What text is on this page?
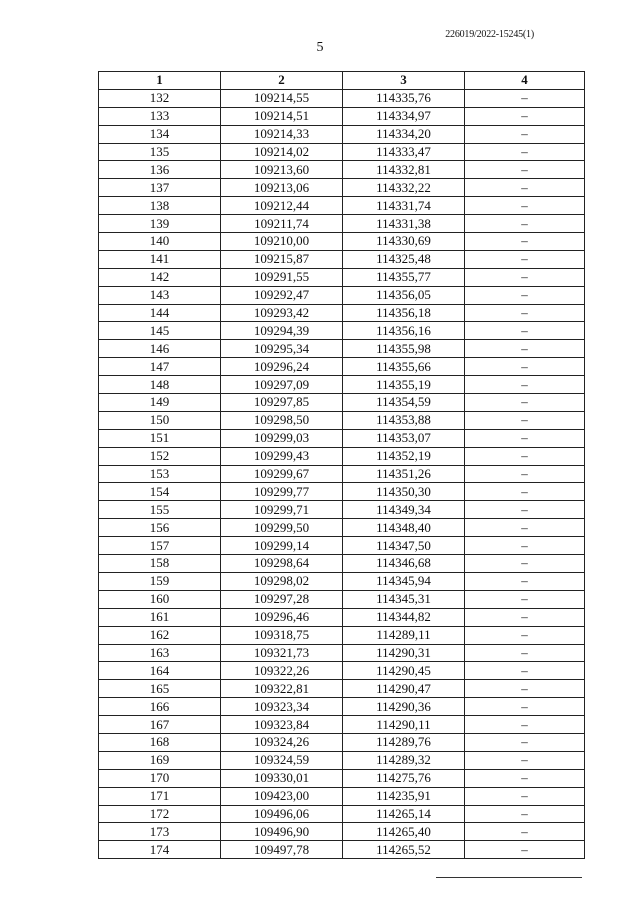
226019/2022-15245(1)
5
1	2	3	4
132	109214,55	114335,76	–
133	109214,51	114334,97	–
134	109214,33	114334,20	–
135	109214,02	114333,47	–
136	109213,60	114332,81	–
137	109213,06	114332,22	–
138	109212,44	114331,74	–
139	109211,74	114331,38	–
140	109210,00	114330,69	–
141	109215,87	114325,48	–
142	109291,55	114355,77	–
143	109292,47	114356,05	–
144	109293,42	114356,18	–
145	109294,39	114356,16	–
146	109295,34	114355,98	–
147	109296,24	114355,66	–
148	109297,09	114355,19	–
149	109297,85	114354,59	–
150	109298,50	114353,88	–
151	109299,03	114353,07	–
152	109299,43	114352,19	–
153	109299,67	114351,26	–
154	109299,77	114350,30	–
155	109299,71	114349,34	–
156	109299,50	114348,40	–
157	109299,14	114347,50	–
158	109298,64	114346,68	–
159	109298,02	114345,94	–
160	109297,28	114345,31	–
161	109296,46	114344,82	–
162	109318,75	114289,11	–
163	109321,73	114290,31	–
164	109322,26	114290,45	–
165	109322,81	114290,47	–
166	109323,34	114290,36	–
167	109323,84	114290,11	–
168	109324,26	114289,76	–
169	109324,59	114289,32	–
170	109330,01	114275,76	–
171	109423,00	114235,91	–
172	109496,06	114265,14	–
173	109496,90	114265,40	–
174	109497,78	114265,52	–
